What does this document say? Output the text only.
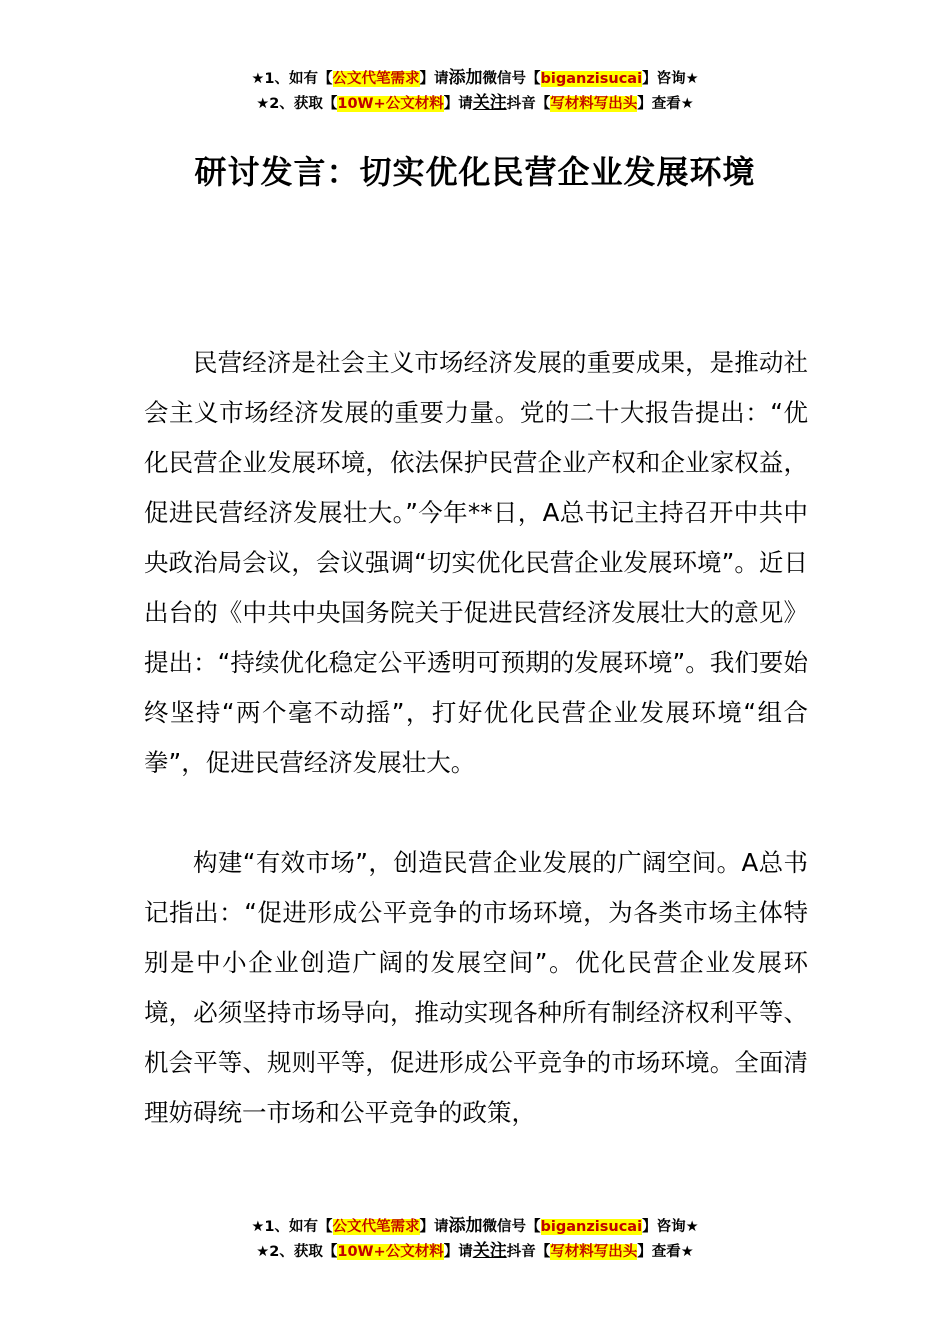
★1、如有【公文代笔需求】请添加微信号【biganzisucai】咨询★
★2、获取【10W+公文材料】请关注抖音【写材料写出头】查看★
研讨发言：切实优化民营企业发展环境

民营经济是社会主义市场经济发展的重要成果，是推动社会主义市场经济发展的重要力量。党的二十大报告提出：“优化民营企业发展环境，依法保护民营企业产权和企业家权益，促进民营经济发展壮大。”今年**日，A总书记主持召开中共中央政治局会议，会议强调“切实优化民营企业发展环境”。近日出台的《中共中央国务院关于促进民营经济发展壮大的意见》提出：“持续优化稳定公平透明可预期的发展环境”。我们要始终坚持“两个毫不动摇”，打好优化民营企业发展环境“组合拳”，促进民营经济发展壮大。

构建“有效市场”，创造民营企业发展的广阔空间。A总书记指出：“促进形成公平竞争的市场环境，为各类市场主体特别是中小企业创造广阔的发展空间”。优化民营企业发展环境，必须坚持市场导向，推动实现各种所有制经济权利平等、机会平等、规则平等，促进形成公平竞争的市场环境。全面清理妨碍统一市场和公平竞争的政策，

★1、如有【公文代笔需求】请添加微信号【biganzisucai】咨询★
★2、获取【10W+公文材料】请关注抖音【写材料写出头】查看★
